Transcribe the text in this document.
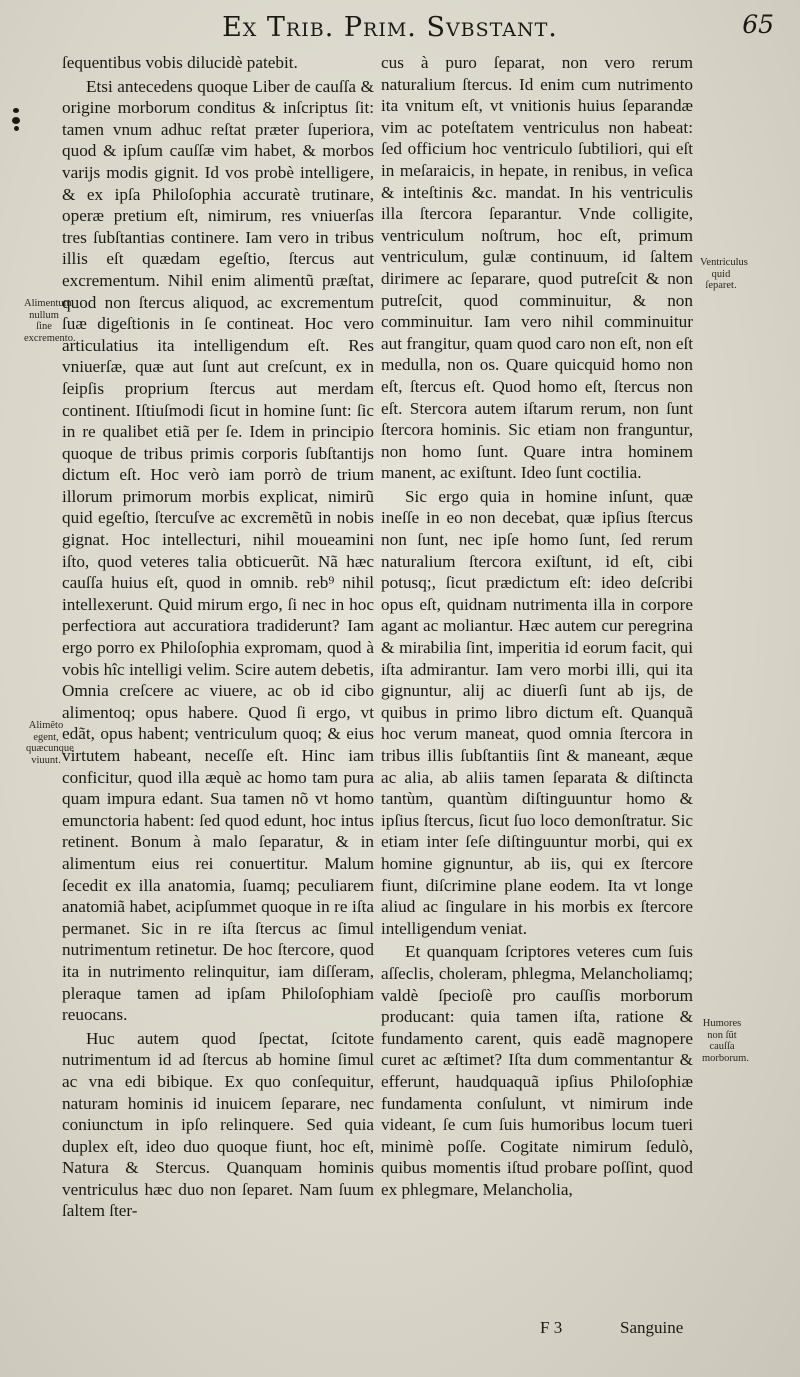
Ex Trib. Prim. Svbstant.	65
Alimentum nullum ſine excremento.
Alimẽto egent, quæcunque viuunt.
Ventriculus quid ſeparet.
Humores non ſũt cauſſa morborum.

ſequentibus vobis dilucidè patebit.

Etsi antecedens quoque Liber de cauſſa & origine morborum conditus & inſcriptus ſit: tamen vnum adhuc reſtat præter ſuperiora, quod & ipſum cauſſæ vim habet, & morbos varijs modis gignit. Id vos probè intelligere, & ex ipſa Philoſophia accuratè trutinare, operæ pretium eſt, nimirum, res vniuerſas tres ſubſtantias continere. Iam vero in tribus illis eſt quædam egeſtio, ſtercus aut excrementum. Nihil enim alimentũ præſtat, quod non ſtercus aliquod, ac excrementum ſuæ digeſtionis in ſe contineat. Hoc vero articulatius ita intelligendum eſt. Res vniuerſæ, quæ aut ſunt aut creſcunt, ex in ſeipſis proprium ſtercus aut merdam continent. Iſtiuſmodi ſicut in homine ſunt: ſic in re qualibet etiã per ſe. Idem in principio quoque de tribus primis corporis ſubſtantijs dictum eſt. Hoc verò iam porrò de trium illorum primorum morbis explicat, nimirũ quid egeſtio, ſtercuſve ac excremẽtũ in nobis gignat. Hoc intellecturi, nihil moueamini iſto, quod veteres talia obticuerũt. Nã hæc cauſſa huius eſt, quod in omnib. reb⁹ nihil intellexerunt. Quid mirum ergo, ſi nec in hoc perfectiora aut accuratiora tradiderunt? Iam ergo porro ex Philoſophia expromam, quod à vobis hîc intelligi velim. Scire autem debetis, Omnia creſcere ac viuere, ac ob id cibo alimentoq; opus habere. Quod ſi ergo, vt edãt, opus habent; ventriculum quoq; & eius virtutem habeant, neceſſe eſt. Hinc iam conficitur, quod illa æquè ac homo tam pura quam impura edant. Sua tamen nõ vt homo emunctoria habent: ſed quod edunt, hoc intus retinent. Bonum à malo ſeparatur, & in alimentum eius rei conuertitur. Malum ſecedit ex illa anatomia, ſuamq; peculiarem anatomiã habet, acipſummet quoque in re iſta permanet. Sic in re iſta ſtercus ac ſimul nutrimentum retinetur. De hoc ſtercore, quod ita in nutrimento relinquitur, iam diſſeram, pleraque tamen ad ipſam Philoſophiam reuocans.

Huc autem quod ſpectat, ſcitote nutrimentum id ad ſtercus ab homine ſimul ac vna edi bibique. Ex quo conſequitur, naturam hominis id inuicem ſeparare, nec coniunctum in ipſo relinquere. Sed quia duplex eſt, ideo duo quoque fiunt, hoc eſt, Natura & Stercus. Quanquam hominis ventriculus hæc duo non ſeparet. Nam ſuum ſaltem ſter-

cus à puro ſeparat, non vero rerum naturalium ſtercus. Id enim cum nutrimento ita vnitum eſt, vt vnitionis huius ſeparandæ vim ac poteſtatem ventriculus non habeat: ſed officium hoc ventriculo ſubtiliori, qui eſt in meſaraicis, in hepate, in renibus, in veſica & inteſtinis &c. mandat. In his ventriculis illa ſtercora ſeparantur. Vnde colligite, ventriculum noſtrum, hoc eſt, primum ventriculum, gulæ continuum, id ſaltem dirimere ac ſeparare, quod putreſcit & non putreſcit, quod comminuitur, & non comminuitur. Iam vero nihil comminuitur aut frangitur, quam quod caro non eſt, non eſt medulla, non os. Quare quicquid homo non eſt, ſtercus eſt. Quod homo eſt, ſtercus non eſt. Stercora autem iſtarum rerum, non ſunt ſtercora hominis. Sic etiam non franguntur, non homo ſunt. Quare intra hominem manent, ac exiſtunt. Ideo ſunt coctilia.

Sic ergo quia in homine inſunt, quæ ineſſe in eo non decebat, quæ ipſius ſtercus non ſunt, nec ipſe homo ſunt, ſed rerum naturalium ſtercora exiſtunt, id eſt, cibi potusq;, ſicut prædictum eſt: ideo deſcribi opus eſt, quidnam nutrimenta illa in corpore agant ac moliantur. Hæc autem cur peregrina & mirabilia ſint, imperitia id eorum facit, qui iſta admirantur. Iam vero morbi illi, qui ita gignuntur, alij ac diuerſi ſunt ab ijs, de quibus in primo libro dictum eſt. Quanquã hoc verum maneat, quod omnia ſtercora in tribus illis ſubſtantiis ſint & maneant, æque ac alia, ab aliis tamen ſeparata & diſtincta tantùm, quantùm diſtinguuntur homo & ipſius ſtercus, ſicut ſuo loco demonſtratur. Sic etiam inter ſeſe diſtinguuntur morbi, qui ex homine gignuntur, ab iis, qui ex ſtercore fiunt, diſcrimine plane eodem. Ita vt longe aliud ac ſingulare in his morbis ex ſtercore intelligendum veniat.

Et quanquam ſcriptores veteres cum ſuis aſſeclis, choleram, phlegma, Melancholiamq; valdè ſpecioſè pro cauſſis morborum producant: quia tamen iſta, ratione & fundamento carent, quis eadẽ magnopere curet ac æſtimet? Iſta dum commentantur & efferunt, haudquaquã ipſius Philoſophiæ fundamenta conſulunt, vt nimirum inde videant, ſe cum ſuis humoribus locum tueri minimè poſſe. Cogitate nimirum ſedulò, quibus momentis iſtud probare poſſint, quod ex phlegmare, Melancholia,

F 3	Sanguine
